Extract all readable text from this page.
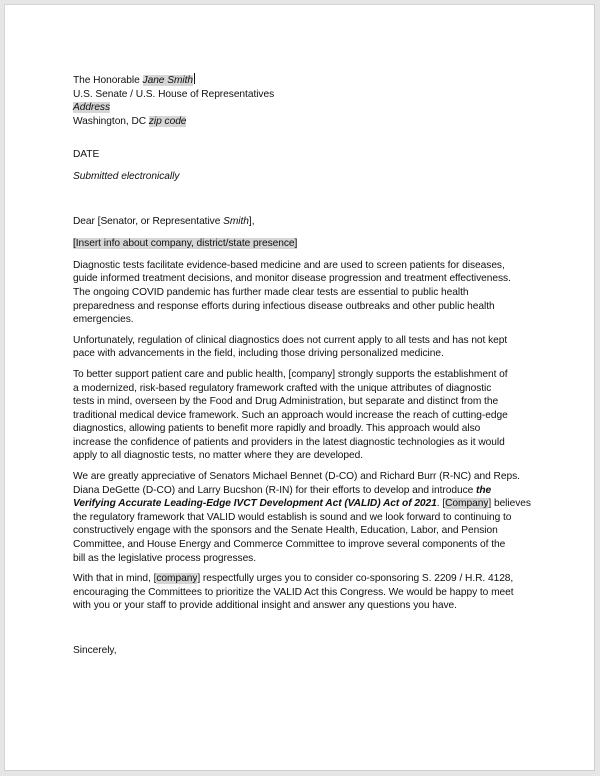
The Honorable Jane Smith
U.S. Senate / U.S. House of Representatives
Address
Washington, DC zip code
DATE
Submitted electronically
Dear [Senator, or Representative Smith],
[Insert info about company, district/state presence]
Diagnostic tests facilitate evidence-based medicine and are used to screen patients for diseases,
guide informed treatment decisions, and monitor disease progression and treatment effectiveness.
The ongoing COVID pandemic has further made clear tests are essential to public health
preparedness and response efforts during infectious disease outbreaks and other public health
emergencies.
Unfortunately, regulation of clinical diagnostics does not current apply to all tests and has not kept
pace with advancements in the field, including those driving personalized medicine.
To better support patient care and public health, [company] strongly supports the establishment of
a modernized, risk-based regulatory framework crafted with the unique attributes of diagnostic
tests in mind, overseen by the Food and Drug Administration, but separate and distinct from the
traditional medical device framework. Such an approach would increase the reach of cutting-edge
diagnostics, allowing patients to benefit more rapidly and broadly. This approach would also
increase the confidence of patients and providers in the latest diagnostic technologies as it would
apply to all diagnostic tests, no matter where they are developed.
We are greatly appreciative of Senators Michael Bennet (D-CO) and Richard Burr (R-NC) and Reps.
Diana DeGette (D-CO) and Larry Bucshon (R-IN) for their efforts to develop and introduce the
Verifying Accurate Leading-Edge IVCT Development Act (VALID) Act of 2021. [Company] believes
the regulatory framework that VALID would establish is sound and we look forward to continuing to
constructively engage with the sponsors and the Senate Health, Education, Labor, and Pension
Committee, and House Energy and Commerce Committee to improve several components of the
bill as the legislative process progresses.
With that in mind, [company] respectfully urges you to consider co-sponsoring S. 2209 / H.R. 4128,
encouraging the Committees to prioritize the VALID Act this Congress. We would be happy to meet
with you or your staff to provide additional insight and answer any questions you have.
Sincerely,
